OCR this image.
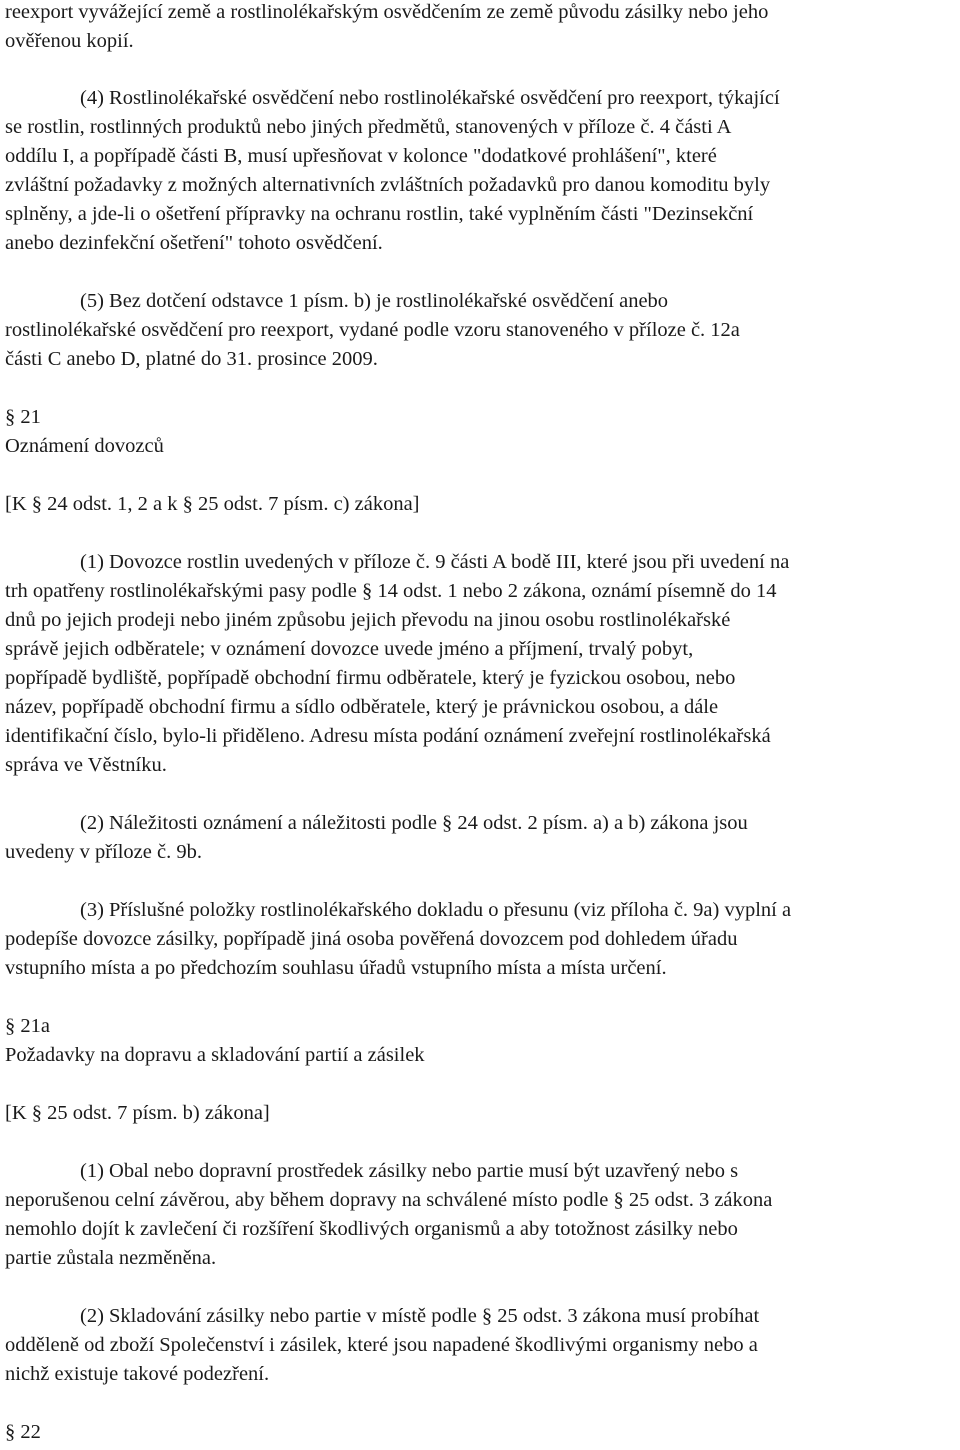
reexport vyvážející země a rostlinolékařským osvědčením ze země původu zásilky nebo jeho
ověřenou kopií.
(4) Rostlinolékařské osvědčení nebo rostlinolékařské osvědčení pro reexport, týkající
se rostlin, rostlinných produktů nebo jiných předmětů, stanovených v příloze č. 4 části A
oddílu I, a popřípadě části B, musí upřesňovat v kolonce "dodatkové prohlášení", které
zvláštní požadavky z možných alternativních zvláštních požadavků pro danou komoditu byly
splněny, a jde-li o ošetření přípravky na ochranu rostlin, také vyplněním části "Dezinsekční
anebo dezinfekční ošetření" tohoto osvědčení.
(5) Bez dotčení odstavce 1 písm. b) je rostlinolékařské osvědčení anebo
rostlinolékařské osvědčení pro reexport, vydané podle vzoru stanoveného v příloze č. 12a
části C anebo D, platné do 31. prosince 2009.
§ 21
Oznámení dovozců
[K § 24 odst. 1, 2 a k § 25 odst. 7 písm. c) zákona]
(1) Dovozce rostlin uvedených v příloze č. 9 části A bodě III, které jsou při uvedení na
trh opatřeny rostlinolékařskými pasy podle § 14 odst. 1 nebo 2 zákona, oznámí písemně do 14
dnů po jejich prodeji nebo jiném způsobu jejich převodu na jinou osobu rostlinolékařské
správě jejich odběratele; v oznámení dovozce uvede jméno a příjmení, trvalý pobyt,
popřípadě bydliště, popřípadě obchodní firmu odběratele, který je fyzickou osobou, nebo
název, popřípadě obchodní firmu a sídlo odběratele, který je právnickou osobou, a dále
identifikační číslo, bylo-li přiděleno. Adresu místa podání oznámení zveřejní rostlinolékařská
správa ve Věstníku.
(2) Náležitosti oznámení a náležitosti podle § 24 odst. 2 písm. a) a b) zákona jsou
uvedeny v příloze č. 9b.
(3) Příslušné položky rostlinolékařského dokladu o přesunu (viz příloha č. 9a) vyplní a
podepíše dovozce zásilky, popřípadě jiná osoba pověřená dovozcem pod dohledem úřadu
vstupního místa a po předchozím souhlasu úřadů vstupního místa a místa určení.
§ 21a
Požadavky na dopravu a skladování partií a zásilek
[K § 25 odst. 7 písm. b) zákona]
(1) Obal nebo dopravní prostředek zásilky nebo partie musí být uzavřený nebo s
neporušenou celní závěrou, aby během dopravy na schválené místo podle § 25 odst. 3 zákona
nemohlo dojít k zavlečení či rozšíření škodlivých organismů a aby totožnost zásilky nebo
partie zůstala nezměněna.
(2) Skladování zásilky nebo partie v místě podle § 25 odst. 3 zákona musí probíhat
odděleně od zboží Společenství i zásilek, které jsou napadené škodlivými organismy nebo a
nichž existuje takové podezření.
§ 22
